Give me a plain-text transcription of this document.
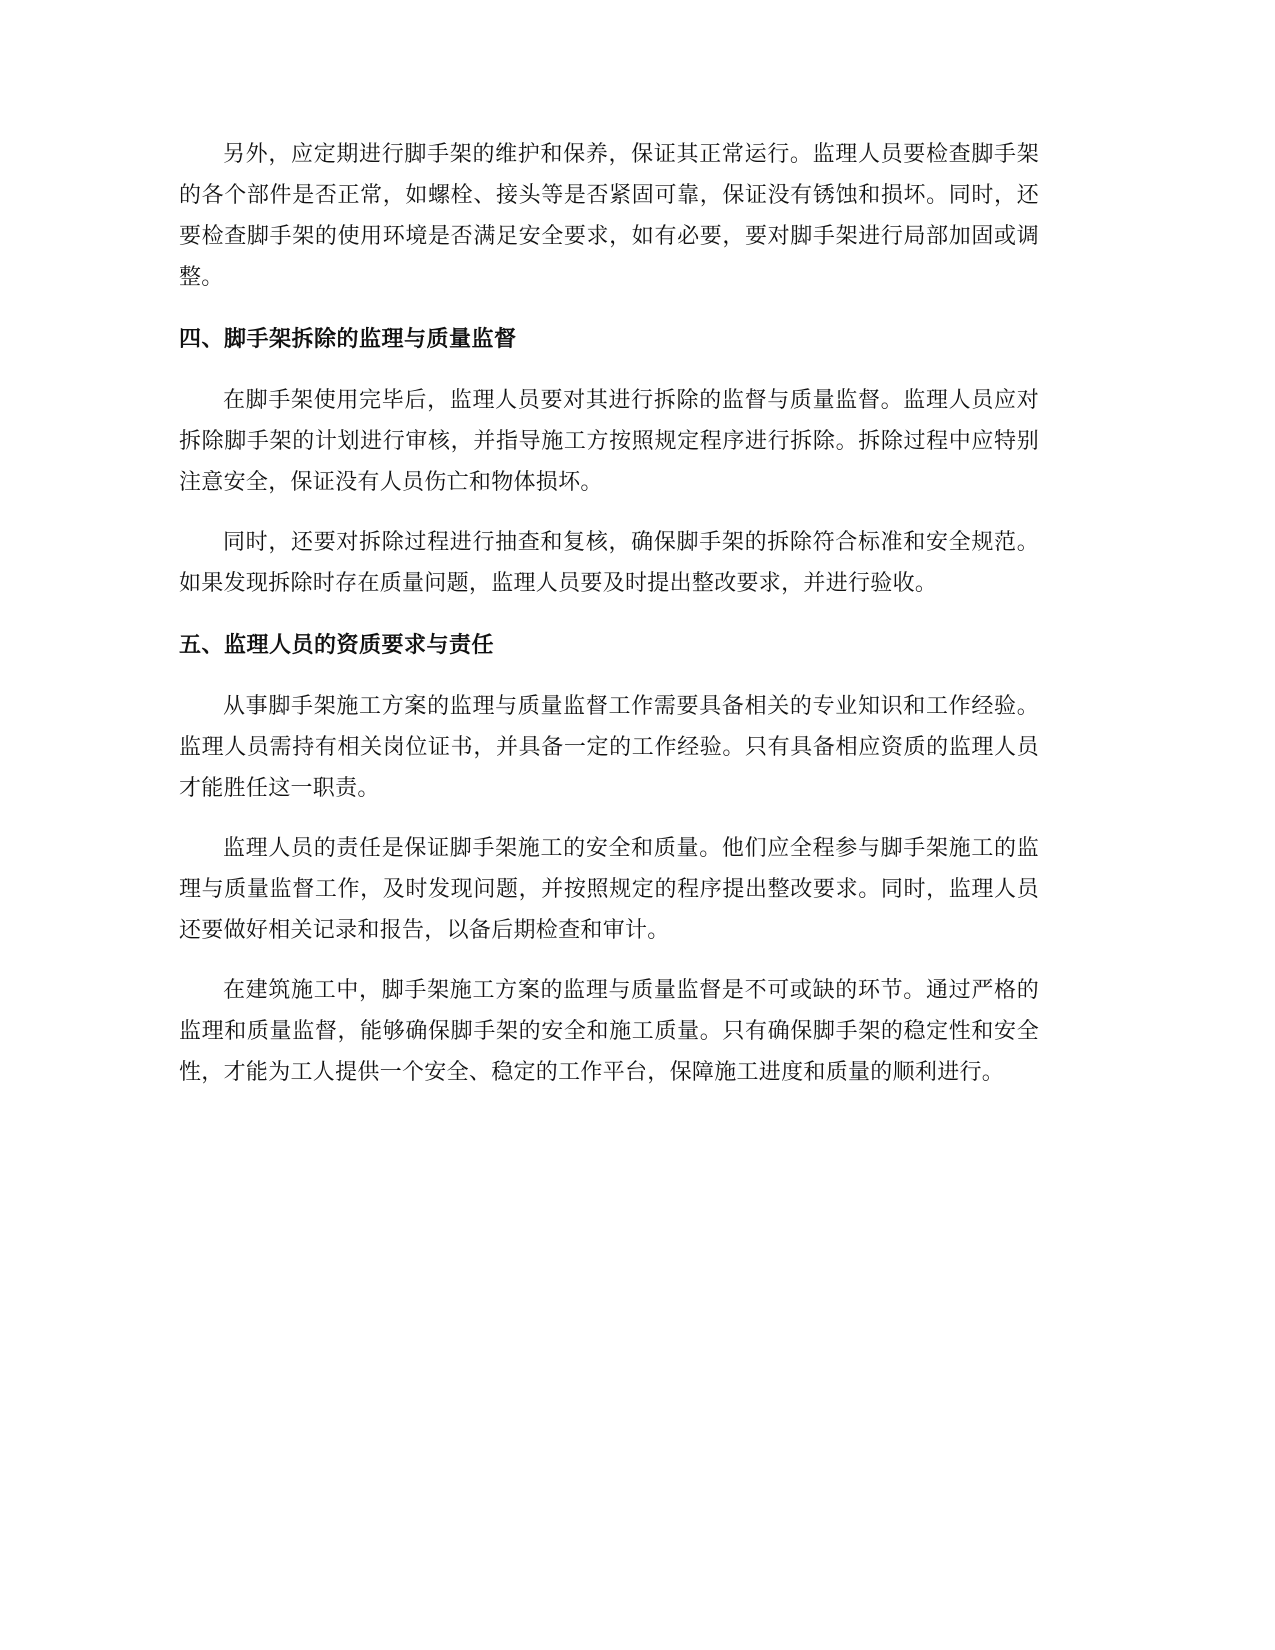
另外，应定期进行脚手架的维护和保养，保证其正常运行。监理人员要检查脚手架的各个部件是否正常，如螺栓、接头等是否紧固可靠，保证没有锈蚀和损坏。同时，还要检查脚手架的使用环境是否满足安全要求，如有必要，要对脚手架进行局部加固或调整。

四、脚手架拆除的监理与质量监督

在脚手架使用完毕后，监理人员要对其进行拆除的监督与质量监督。监理人员应对拆除脚手架的计划进行审核，并指导施工方按照规定程序进行拆除。拆除过程中应特别注意安全，保证没有人员伤亡和物体损坏。

同时，还要对拆除过程进行抽查和复核，确保脚手架的拆除符合标准和安全规范。如果发现拆除时存在质量问题，监理人员要及时提出整改要求，并进行验收。

五、监理人员的资质要求与责任

从事脚手架施工方案的监理与质量监督工作需要具备相关的专业知识和工作经验。监理人员需持有相关岗位证书，并具备一定的工作经验。只有具备相应资质的监理人员才能胜任这一职责。

监理人员的责任是保证脚手架施工的安全和质量。他们应全程参与脚手架施工的监理与质量监督工作，及时发现问题，并按照规定的程序提出整改要求。同时，监理人员还要做好相关记录和报告，以备后期检查和审计。

在建筑施工中，脚手架施工方案的监理与质量监督是不可或缺的环节。通过严格的监理和质量监督，能够确保脚手架的安全和施工质量。只有确保脚手架的稳定性和安全性，才能为工人提供一个安全、稳定的工作平台，保障施工进度和质量的顺利进行。
